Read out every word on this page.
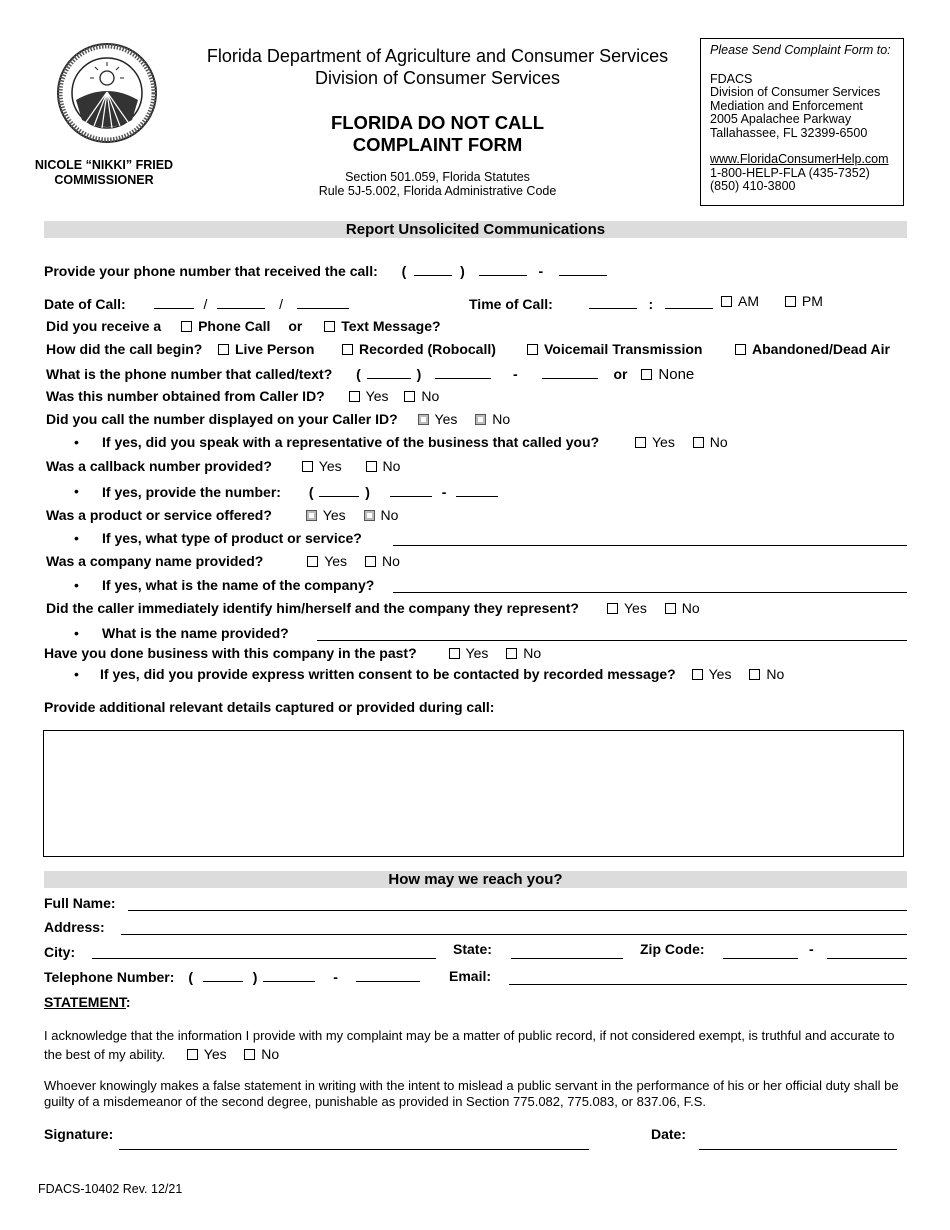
NICOLE “NIKKI” FRIED
COMMISSIONER
Florida Department of Agriculture and Consumer Services
Division of Consumer Services
FLORIDA DO NOT CALL
COMPLAINT FORM
Section 501.059, Florida Statutes
Rule 5J-5.002, Florida Administrative Code
Please Send Complaint Form to:
FDACS
Division of Consumer Services
Mediation and Enforcement
2005 Apalachee Parkway
Tallahassee, FL 32399-6500
www.FloridaConsumerHelp.com
1-800-HELP-FLA (435-7352)
(850) 410-3800
Report Unsolicited Communications
Provide your phone number that received the call: (	)	-
Date of Call:	/	/	Time of Call:	:	AM	PM
Did you receive a	Phone Call or	Text Message?
How did the call begin?	Live Person	Recorded (Robocall)	Voicemail Transmission	Abandoned/Dead Air
What is the phone number that called/text? (	)	-	or None
Was this number obtained from Caller ID?	Yes No
Did you call the number displayed on your Caller ID?	Yes No
• If yes, did you speak with a representative of the business that called you?	Yes No
Was a callback number provided?	Yes	No
• If yes, provide the number: (	)	-
Was a product or service offered?	Yes No
• If yes, what type of product or service?
Was a company name provided?	Yes No
• If yes, what is the name of the company?
Did the caller immediately identify him/herself and the company they represent?	Yes No
• What is the name provided?
Have you done business with this company in the past?	Yes No
• If yes, did you provide express written consent to be contacted by recorded message? Yes No
Provide additional relevant details captured or provided during call:
How may we reach you?
Full Name:
Address:
City:	State:	Zip Code:	-
Telephone Number: (	)	-	Email:
STATEMENT:
I acknowledge that the information I provide with my complaint may be a matter of public record, if not considered exempt, is truthful and accurate to the best of my ability.	Yes No
Whoever knowingly makes a false statement in writing with the intent to mislead a public servant in the performance of his or her official duty shall be guilty of a misdemeanor of the second degree, punishable as provided in Section 775.082, 775.083, or 837.06, F.S.
Signature:	Date:
FDACS-10402 Rev. 12/21
